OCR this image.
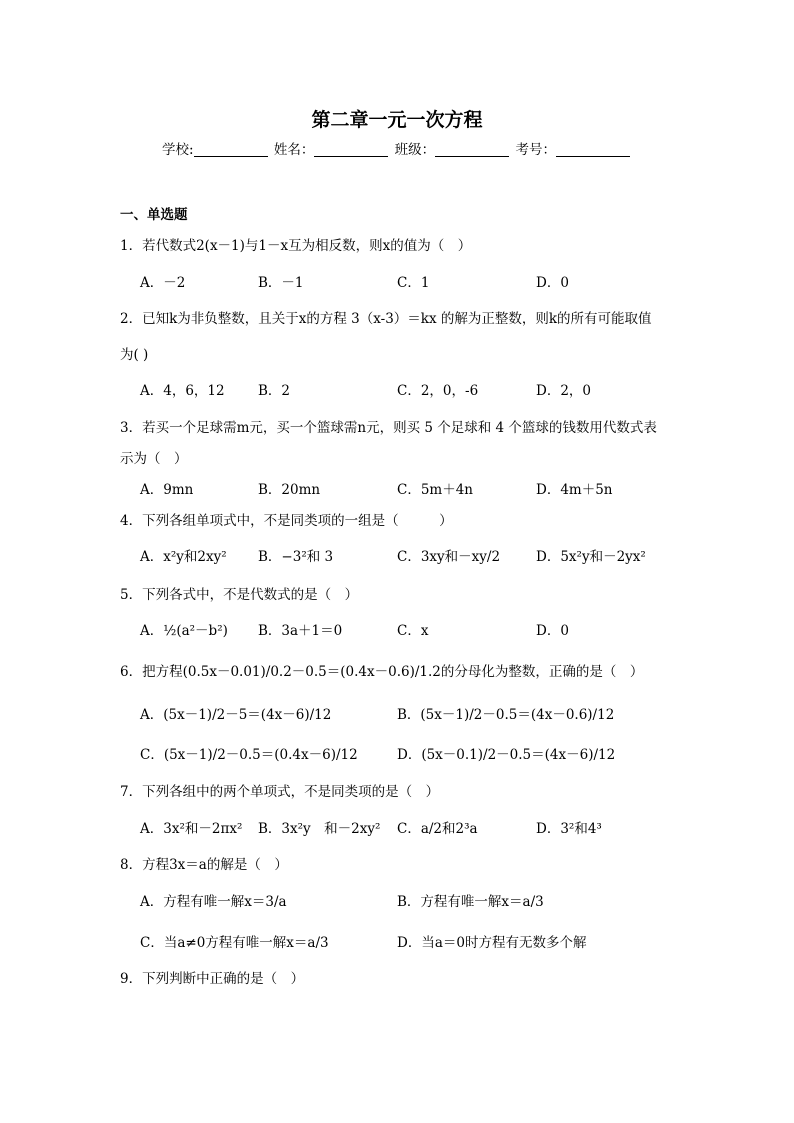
第二章一元一次方程
学校:	姓名：	班级：	考号：
一、单选题
1．若代数式2(x－1)与1－x互为相反数，则x的值为（　）
A．－2	B．－1	C．1	D．0
2．已知k为非负整数，且关于x的方程 3（x-3）＝kx 的解为正整数，则k的所有可能取值
为( )
A．4，6，12 B．2	C．2，0，-6	D．2，0
3．若买一个足球需m元，买一个篮球需n元，则买 5 个足球和 4 个篮球的钱数用代数式表
示为（　）
A．9mn	B．20mn	C．5m＋4n	D．4m＋5n
4．下列各组单项式中，不是同类项的一组是（　　　）
A．x²y和2xy² B．−3²和 3	C．3xy和－xy/2	D．5x²y和－2yx²
5．下列各式中，不是代数式的是（　）
A．½(a²－b²) B．3a＋1＝0	C．x	D．0
6．把方程(0.5x－0.01)/0.2－0.5＝(0.4x－0.6)/1.2的分母化为整数，正确的是（　）
A．(5x－1)/2－5＝(4x－6)/12	B．(5x－1)/2－0.5＝(4x－0.6)/12
C．(5x－1)/2－0.5＝(0.4x－6)/12	D．(5x－0.1)/2－0.5＝(4x－6)/12
7．下列各组中的两个单项式，不是同类项的是（　）
A．3x²和－2πx² B．3x²y　和－2xy² C．a/2和2³a	D．3²和4³
8．方程3x＝a的解是（　）
A．方程有唯一解x＝3/a	B．方程有唯一解x＝a/3
C．当a≠0方程有唯一解x＝a/3	D．当a＝0时方程有无数多个解
9．下列判断中正确的是（　）
